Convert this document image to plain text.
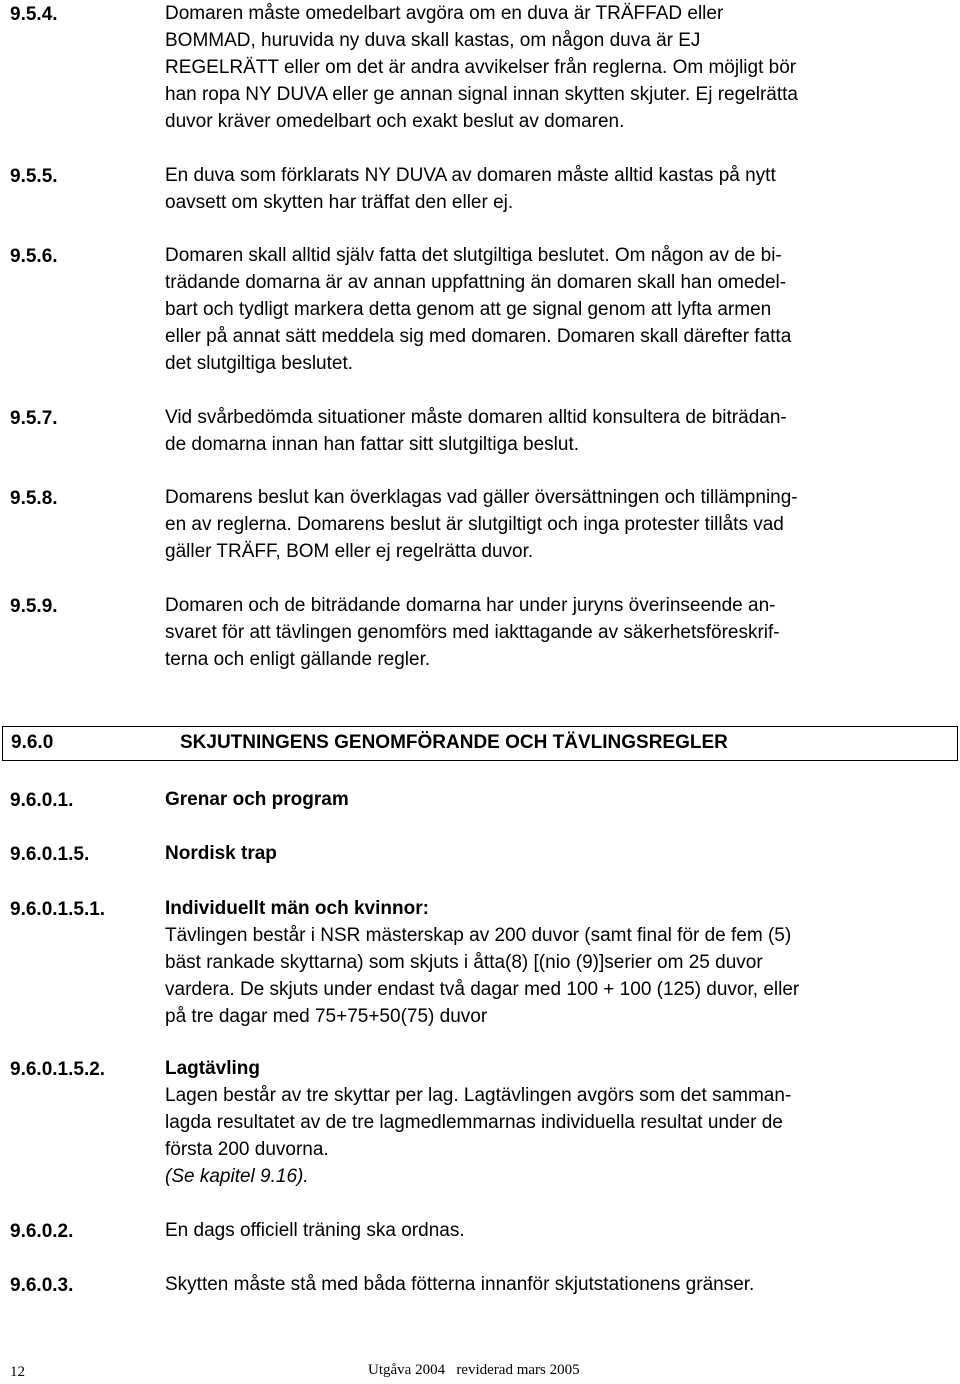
9.5.4.	Domaren måste omedelbart avgöra om en duva är TRÄFFAD eller
BOMMAD, huruvida ny duva skall kastas, om någon duva är EJ
REGELRÄTT eller om det är andra avvikelser från reglerna. Om möjligt bör
han ropa NY DUVA eller ge annan signal innan skytten skjuter. Ej regelrätta
duvor kräver omedelbart och exakt beslut av domaren.
9.5.5.	En duva som förklarats NY DUVA av domaren måste alltid kastas på nytt
oavsett om skytten har träffat den eller ej.
9.5.6.	Domaren skall alltid själv fatta det slutgiltiga beslutet. Om någon av de bi-
trädande domarna är av annan uppfattning än domaren skall han omedel-
bart och tydligt markera detta genom att ge signal genom att lyfta armen
eller på annat sätt meddela sig med domaren. Domaren skall därefter fatta
det slutgiltiga beslutet.
9.5.7.	Vid svårbedömda situationer måste domaren alltid konsultera de biträdan-
de domarna innan han fattar sitt slutgiltiga beslut.
9.5.8.	Domarens beslut kan överklagas vad gäller översättningen och tillämpning-
en av reglerna. Domarens beslut är slutgiltigt och inga protester tillåts vad
gäller TRÄFF, BOM eller ej regelrätta duvor.
9.5.9.	Domaren och de biträdande domarna har under juryns överinseende an-
svaret för att tävlingen genomförs med iakttagande av säkerhetsföreskrif-
terna och enligt gällande regler.
9.6.0	SKJUTNINGENS GENOMFÖRANDE OCH TÄVLINGSREGLER
9.6.0.1.	Grenar och program
9.6.0.1.5.	Nordisk trap
9.6.0.1.5.1.	Individuellt män och kvinnor:
Tävlingen består i NSR mästerskap av 200 duvor (samt final för de fem (5)
bäst rankade skyttarna) som skjuts i åtta(8) [(nio (9)]serier om 25 duvor
vardera. De skjuts under endast två dagar med 100 + 100 (125) duvor, eller
på tre dagar med 75+75+50(75) duvor
9.6.0.1.5.2.	Lagtävling
Lagen består av tre skyttar per lag. Lagtävlingen avgörs som det samman-
lagda resultatet av de tre lagmedlemmarnas individuella resultat under de
första 200 duvorna.
(Se kapitel 9.16).
9.6.0.2.	En dags officiell träning ska ordnas.
9.6.0.3.	Skytten måste stå med båda fötterna innanför skjutstationens gränser.
12	Utgåva 2004   reviderad mars 2005
